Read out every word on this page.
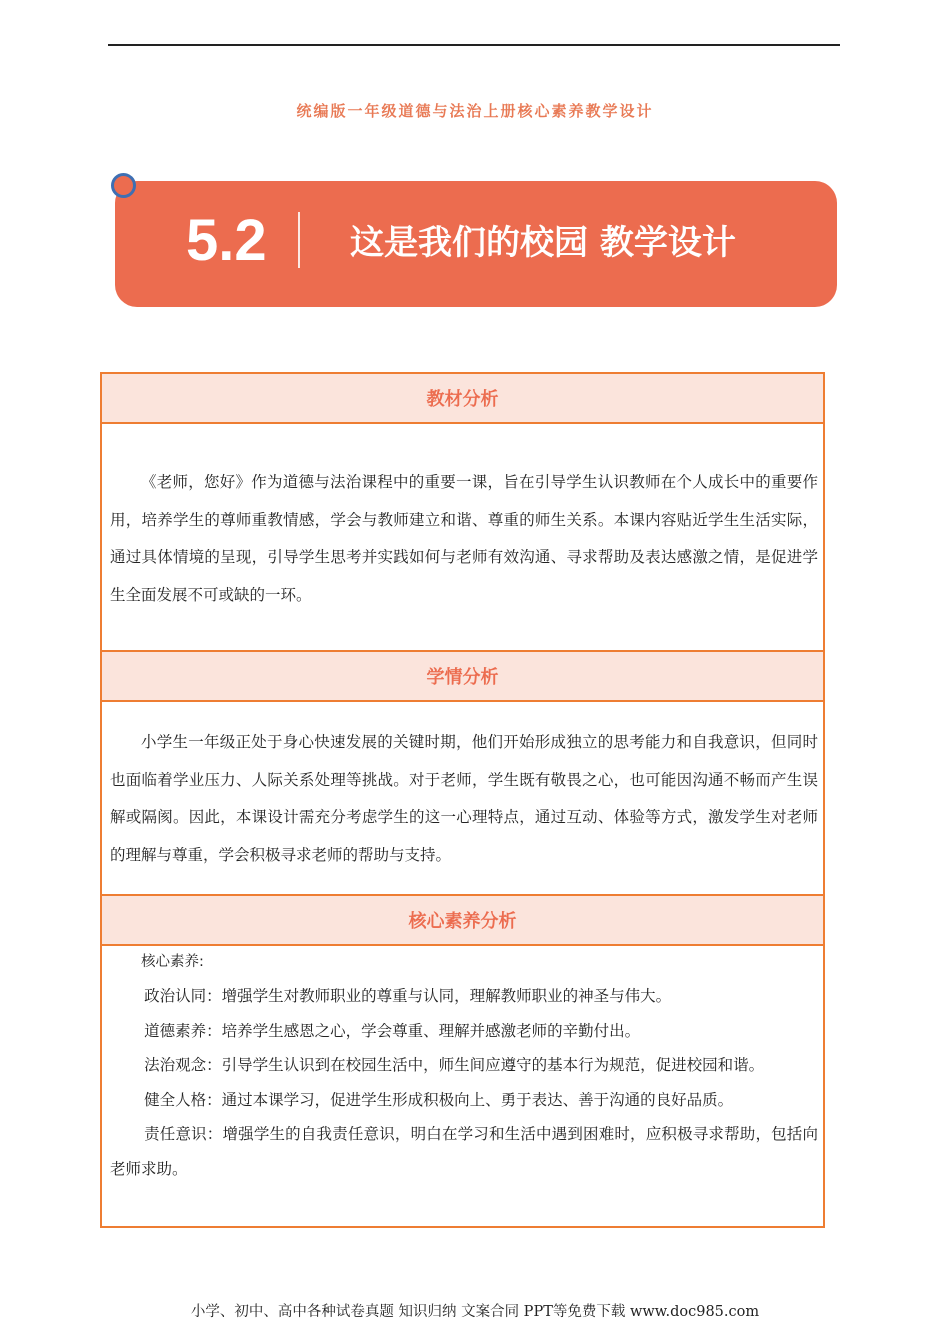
统编版一年级道德与法治上册核心素养教学设计
5.2 这是我们的校园 教学设计
教材分析

《老师，您好》作为道德与法治课程中的重要一课，旨在引导学生认识教师在个人成长中的重要作用，培养学生的尊师重教情感，学会与教师建立和谐、尊重的师生关系。本课内容贴近学生生活实际，通过具体情境的呈现，引导学生思考并实践如何与老师有效沟通、寻求帮助及表达感激之情，是促进学生全面发展不可或缺的一环。

学情分析

小学生一年级正处于身心快速发展的关键时期，他们开始形成独立的思考能力和自我意识，但同时也面临着学业压力、人际关系处理等挑战。对于老师，学生既有敬畏之心，也可能因沟通不畅而产生误解或隔阂。因此，本课设计需充分考虑学生的这一心理特点，通过互动、体验等方式，激发学生对老师的理解与尊重，学会积极寻求老师的帮助与支持。

核心素养分析
核心素养:

政治认同：增强学生对教师职业的尊重与认同，理解教师职业的神圣与伟大。

道德素养：培养学生感恩之心，学会尊重、理解并感激老师的辛勤付出。

法治观念：引导学生认识到在校园生活中，师生间应遵守的基本行为规范，促进校园和谐。

健全人格：通过本课学习，促进学生形成积极向上、勇于表达、善于沟通的良好品质。

责任意识：增强学生的自我责任意识，明白在学习和生活中遇到困难时，应积极寻求帮助，包括向老师求助。

小学、初中、高中各种试卷真题 知识归纳 文案合同 PPT等免费下载 www.doc985.com
